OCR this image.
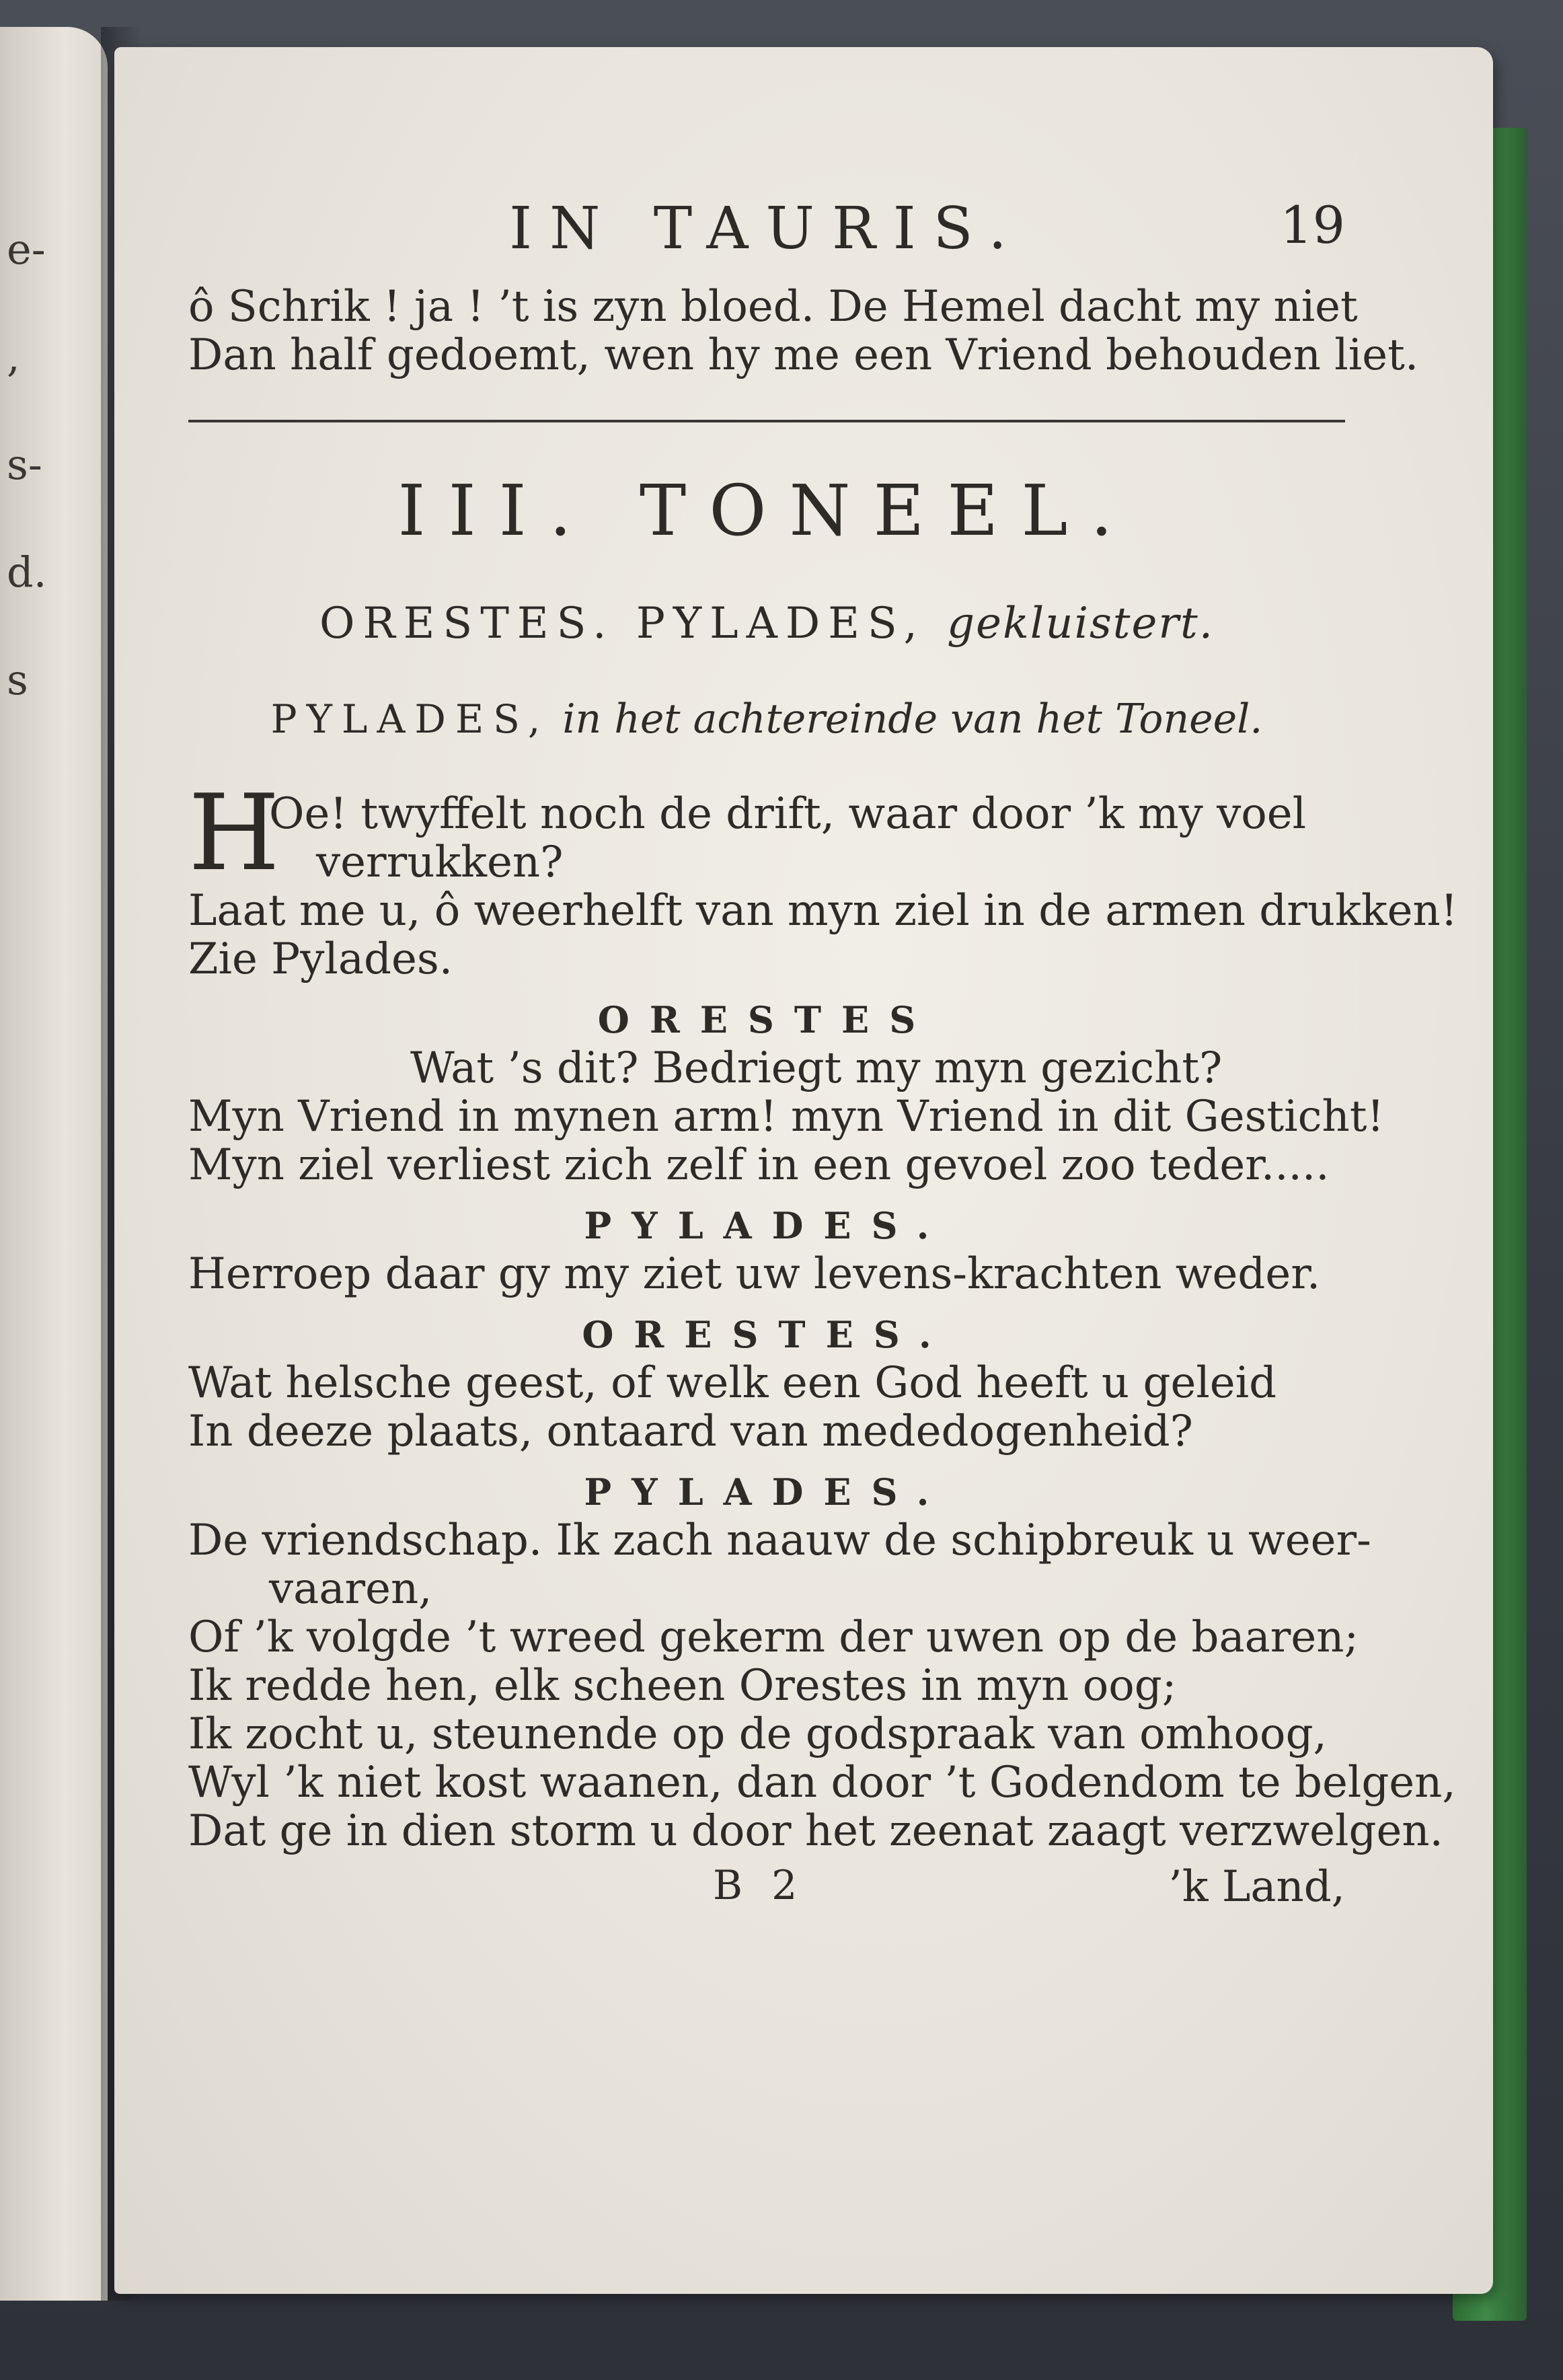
e-
,
s-
d.
s
IN TAURIS.	19

ô Schrik ! ja ! ’t is zyn bloed. De Hemel dacht my niet

Dan half gedoemt, wen hy me een Vriend behouden liet.

III. TONEEL.
ORESTES. PYLADES, gekluistert.
PYLADES, in het achtereinde van het Toneel.

H
Oe! twyffelt noch de drift, waar door ’k my voel

verrukken?

Laat me u, ô weerhelft van myn ziel in de armen drukken!

Zie Pylades.

ORESTES

Wat ’s dit? Bedriegt my myn gezicht?

Myn Vriend in mynen arm! myn Vriend in dit Gesticht!

Myn ziel verliest zich zelf in een gevoel zoo teder.....

PYLADES.

Herroep daar gy my ziet uw levens-krachten weder.

ORESTES.

Wat helsche geest, of welk een God heeft u geleid

In deeze plaats, ontaard van mededogenheid?

PYLADES.

De vriendschap. Ik zach naauw de schipbreuk u weer-

vaaren,

Of ’k volgde ’t wreed gekerm der uwen op de baaren;

Ik redde hen, elk scheen Orestes in myn oog;

Ik zocht u, steunende op de godspraak van omhoog,

Wyl ’k niet kost waanen, dan door ’t Godendom te belgen,

Dat ge in dien storm u door het zeenat zaagt verzwelgen.

B 2	’k Land,
